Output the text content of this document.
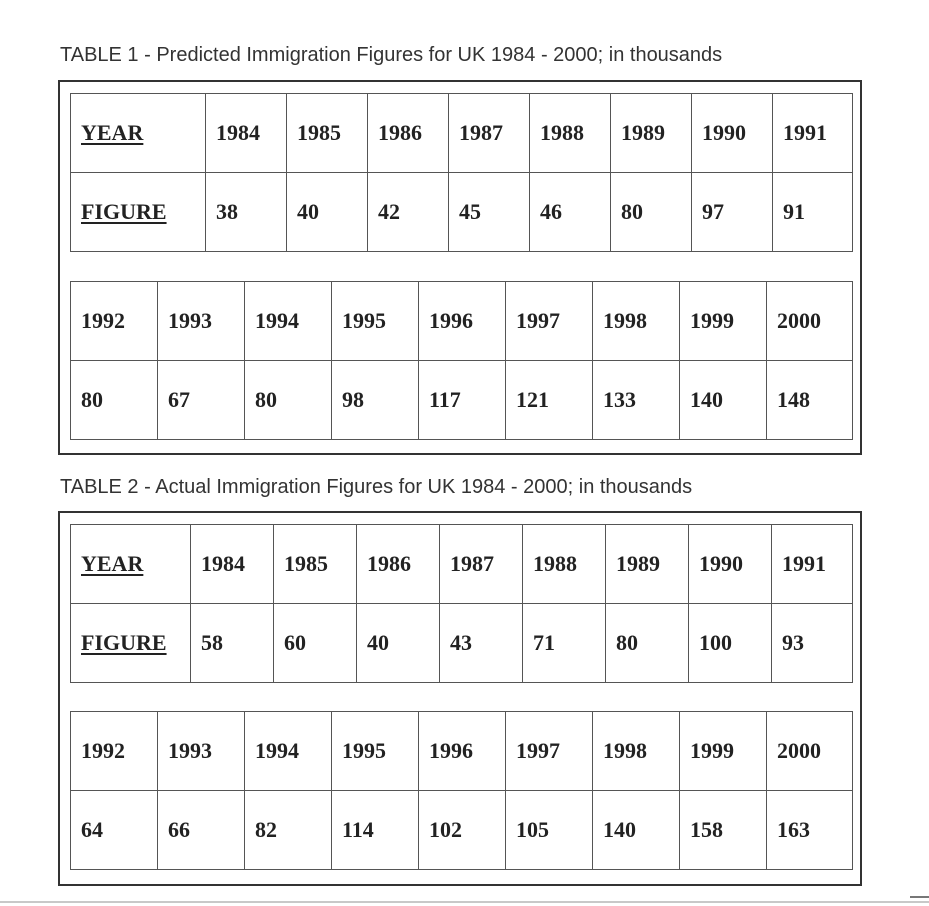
TABLE 1 - Predicted Immigration Figures for UK 1984 - 2000; in thousands
YEAR	1984	1985	1986	1987	1988	1989	1990	1991
FIGURE	38	40	42	45	46	80	97	91
1992	1993	1994	1995	1996	1997	1998	1999	2000
80	67	80	98	117	121	133	140	148
TABLE 2 - Actual Immigration Figures for UK 1984 - 2000; in thousands
YEAR	1984	1985	1986	1987	1988	1989	1990	1991
FIGURE	58	60	40	43	71	80	100	93
1992	1993	1994	1995	1996	1997	1998	1999	2000
64	66	82	114	102	105	140	158	163
